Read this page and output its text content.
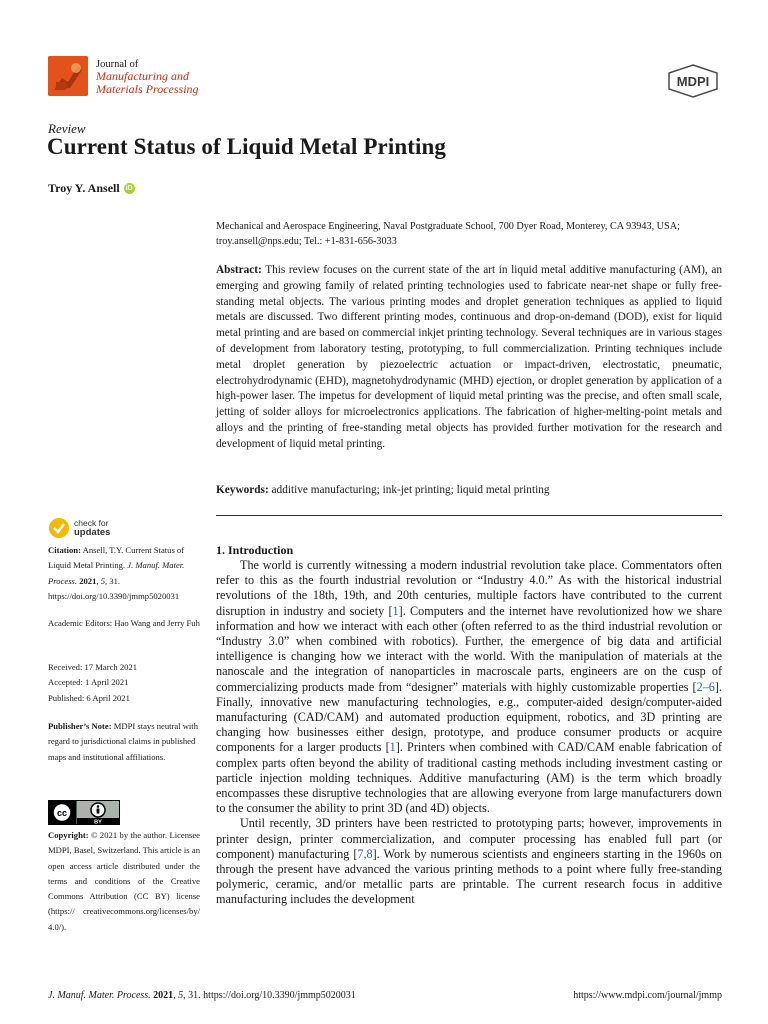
Journal of
Manufacturing and
Materials Processing	MDPI
Review
Current Status of Liquid Metal Printing
Troy Y. Ansell iD
Mechanical and Aerospace Engineering, Naval Postgraduate School, 700 Dyer Road, Monterey, CA 93943, USA;
troy.ansell@nps.edu; Tel.: +1-831-656-3033
Abstract: This review focuses on the current state of the art in liquid metal additive manufacturing (AM), an emerging and growing family of related printing technologies used to fabricate near-net shape or fully free-standing metal objects. The various printing modes and droplet generation techniques as applied to liquid metals are discussed. Two different printing modes, continuous and drop-on-demand (DOD), exist for liquid metal printing and are based on commercial inkjet printing technology. Several techniques are in various stages of development from laboratory testing, prototyping, to full commercialization. Printing techniques include metal droplet generation by piezoelectric actuation or impact-driven, electrostatic, pneumatic, electrohydrodynamic (EHD), magnetohydrodynamic (MHD) ejection, or droplet generation by application of a high-power laser. The impetus for development of liquid metal printing was the precise, and often small scale, jetting of solder alloys for microelectronics applications. The fabrication of higher-melting-point metals and alloys and the printing of free-standing metal objects has provided further motivation for the research and development of liquid metal printing.
Keywords: additive manufacturing; ink-jet printing; liquid metal printing
check for
updates
Citation: Ansell, T.Y. Current Status of Liquid Metal Printing. J. Manuf. Mater. Process. 2021, 5, 31. https://doi.org/10.3390/jmmp5020031
Academic Editors: Hao Wang and Jerry Fuh
Received: 17 March 2021
Accepted: 1 April 2021
Published: 6 April 2021
Publisher’s Note: MDPI stays neutral with regard to jurisdictional claims in published maps and institutional affiliations.
cc
BY
Copyright: © 2021 by the author. Licensee MDPI, Basel, Switzerland. This article is an open access article distributed under the terms and conditions of the Creative Commons Attribution (CC BY) license (https:// creativecommons.org/licenses/by/ 4.0/).
1. Introduction

The world is currently witnessing a modern industrial revolution take place. Commentators often refer to this as the fourth industrial revolution or “Industry 4.0.” As with the historical industrial revolutions of the 18th, 19th, and 20th centuries, multiple factors have contributed to the current disruption in industry and society [1]. Computers and the internet have revolutionized how we share information and how we interact with each other (often referred to as the third industrial revolution or “Industry 3.0” when combined with robotics). Further, the emergence of big data and artificial intelligence is changing how we interact with the world. With the manipulation of materials at the nanoscale and the integration of nanoparticles in macroscale parts, engineers are on the cusp of commercializing products made from “designer” materials with highly customizable properties [2–6]. Finally, innovative new manufacturing technologies, e.g., computer-aided design/computer-aided manufacturing (CAD/CAM) and automated production equipment, robotics, and 3D printing are changing how businesses either design, prototype, and produce consumer products or acquire components for a larger products [1]. Printers when combined with CAD/CAM enable fabrication of complex parts often beyond the ability of traditional casting methods including investment casting or particle injection molding techniques. Additive manufacturing (AM) is the term which broadly encompasses these disruptive technologies that are allowing everyone from large manufacturers down to the consumer the ability to print 3D (and 4D) objects.

Until recently, 3D printers have been restricted to prototyping parts; however, improvements in printer design, printer commercialization, and computer processing has enabled full part (or component) manufacturing [7,8]. Work by numerous scientists and engineers starting in the 1960s on through the present have advanced the various printing methods to a point where fully free-standing polymeric, ceramic, and/or metallic parts are printable. The current research focus in additive manufacturing includes the development

J. Manuf. Mater. Process. 2021, 5, 31. https://doi.org/10.3390/jmmp5020031	https://www.mdpi.com/journal/jmmp
